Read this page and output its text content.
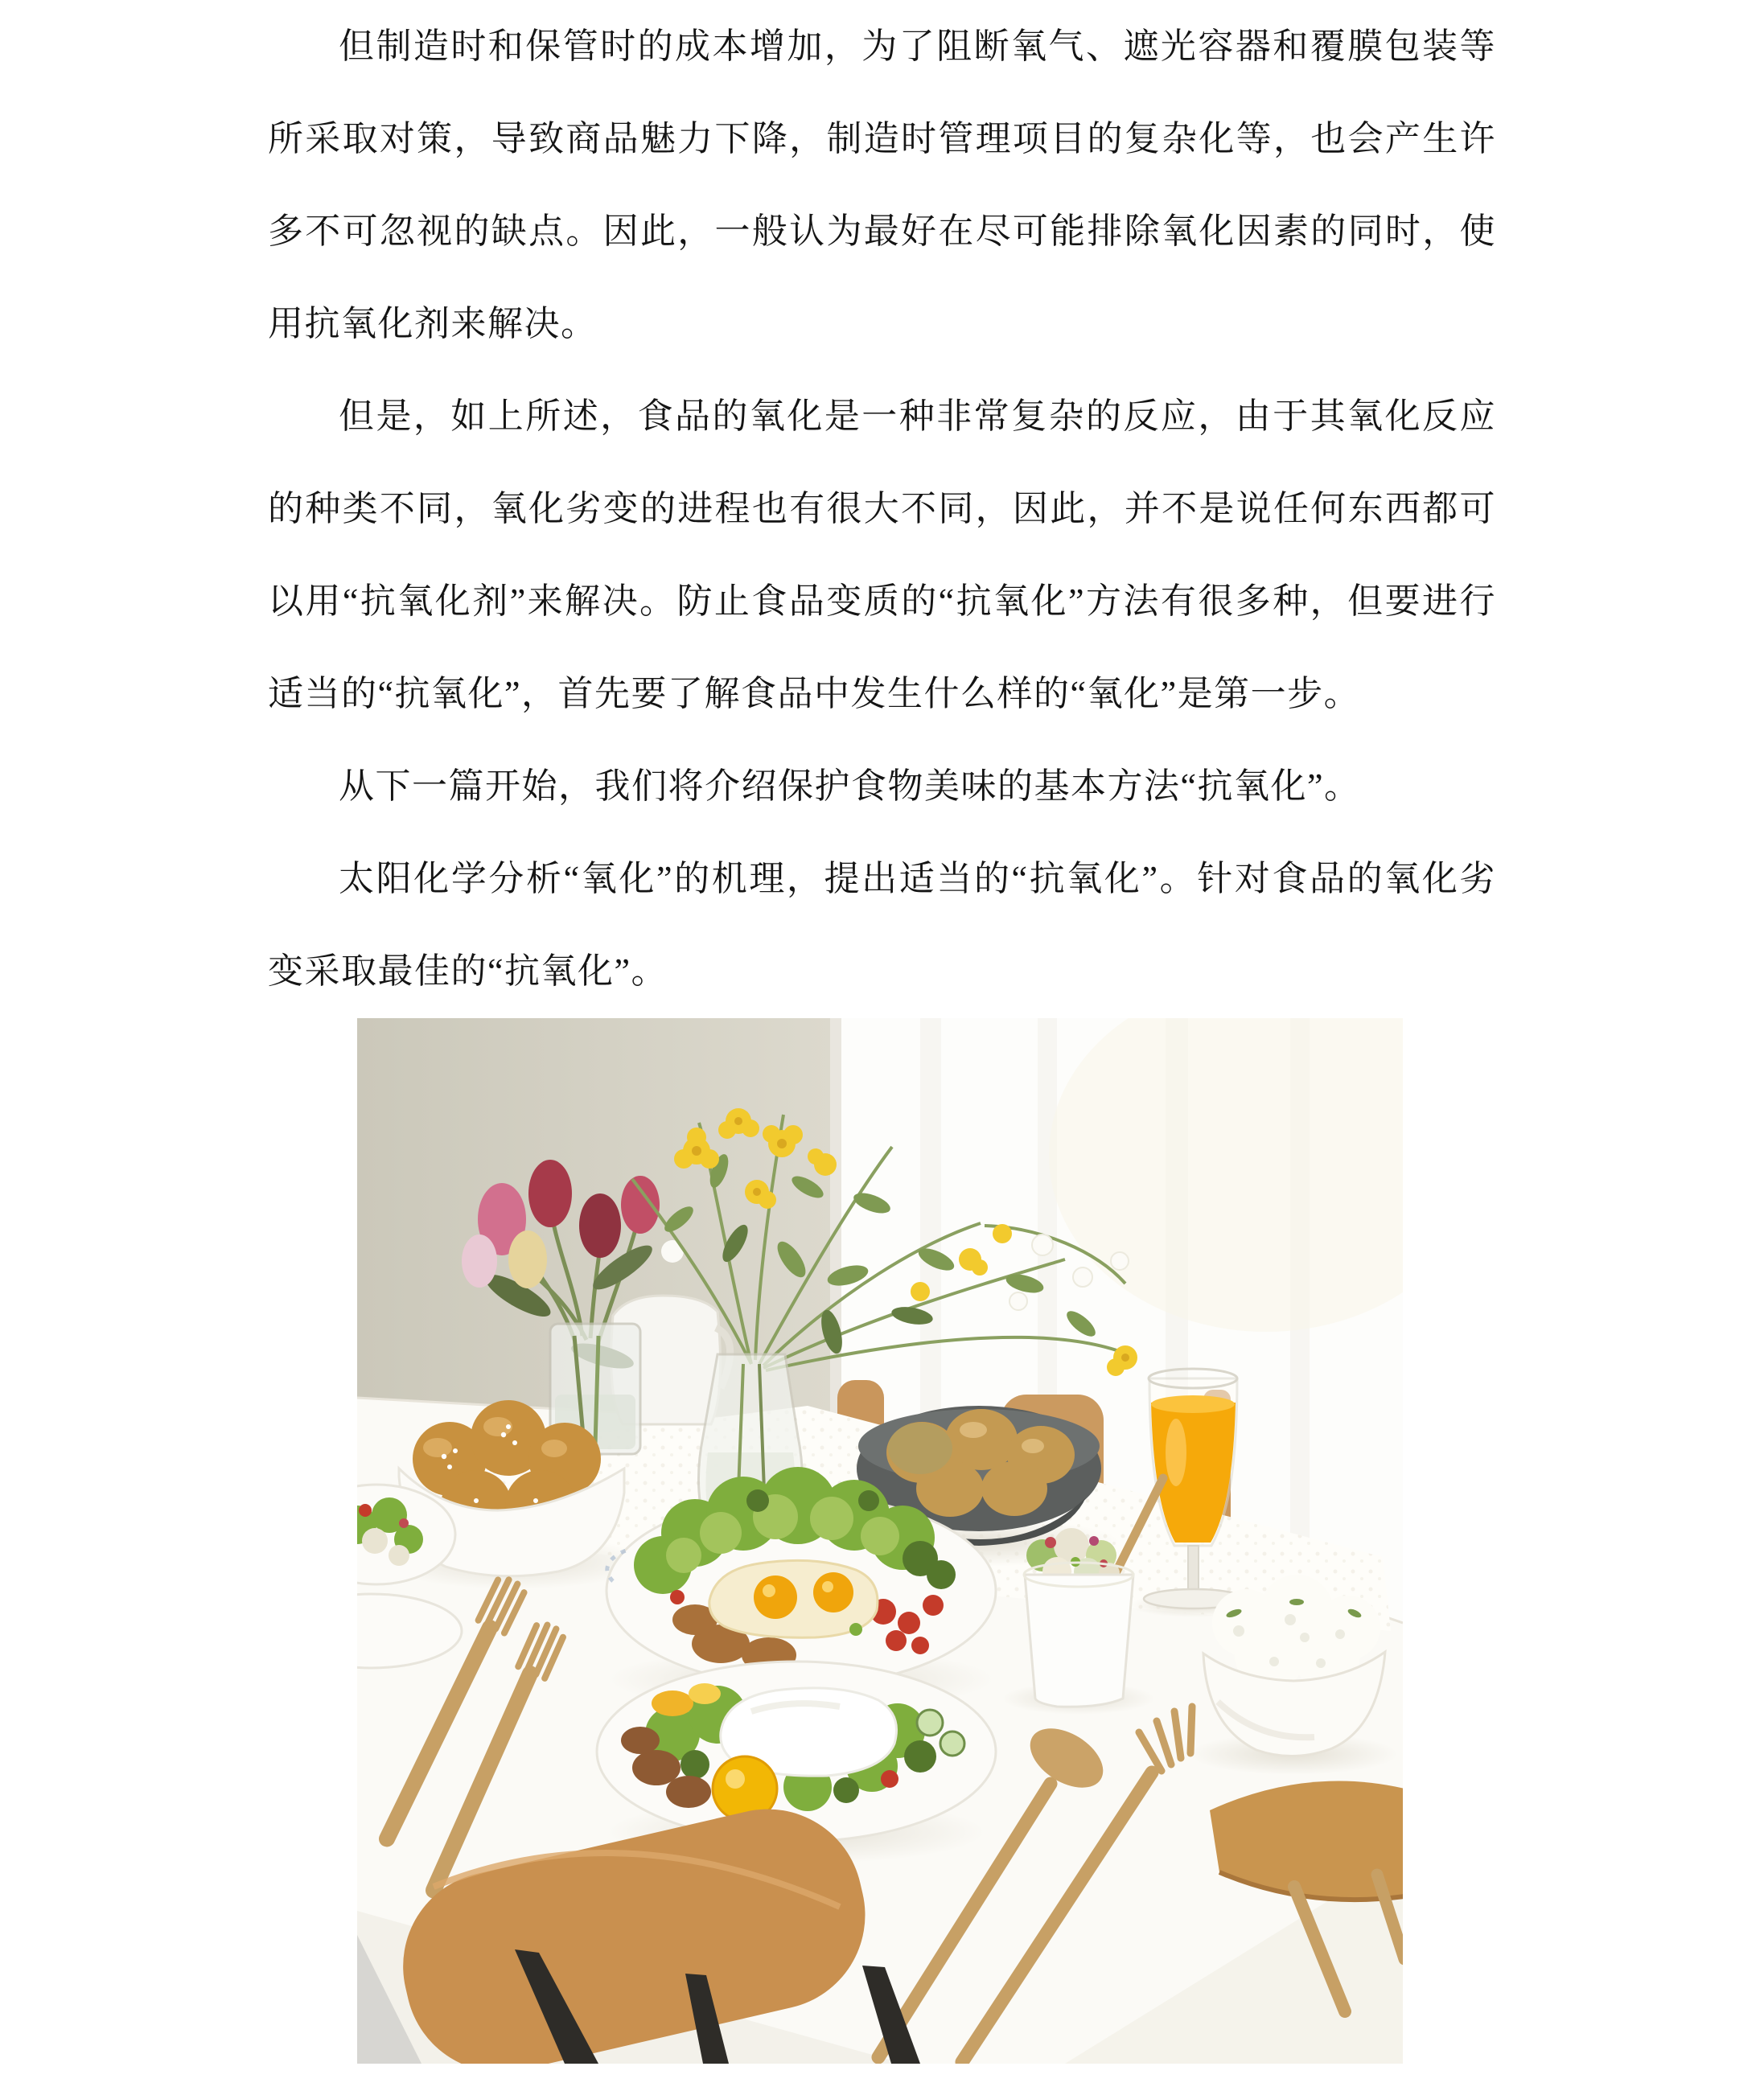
但制造时和保管时的成本增加，为了阻断氧气、遮光容器和覆膜包装等所采取对策，导致商品魅力下降，制造时管理项目的复杂化等，也会产生许多不可忽视的缺点。因此，一般认为最好在尽可能排除氧化因素的同时，使用抗氧化剂来解决。

但是，如上所述，食品的氧化是一种非常复杂的反应，由于其氧化反应的种类不同，氧化劣变的进程也有很大不同，因此，并不是说任何东西都可以用“抗氧化剂”来解决。防止食品变质的“抗氧化”方法有很多种，但要进行适当的“抗氧化”，首先要了解食品中发生什么样的“氧化”是第一步。

从下一篇开始，我们将介绍保护食物美味的基本方法“抗氧化”。

太阳化学分析“氧化”的机理，提出适当的“抗氧化”。针对食品的氧化劣变采取最佳的“抗氧化”。
